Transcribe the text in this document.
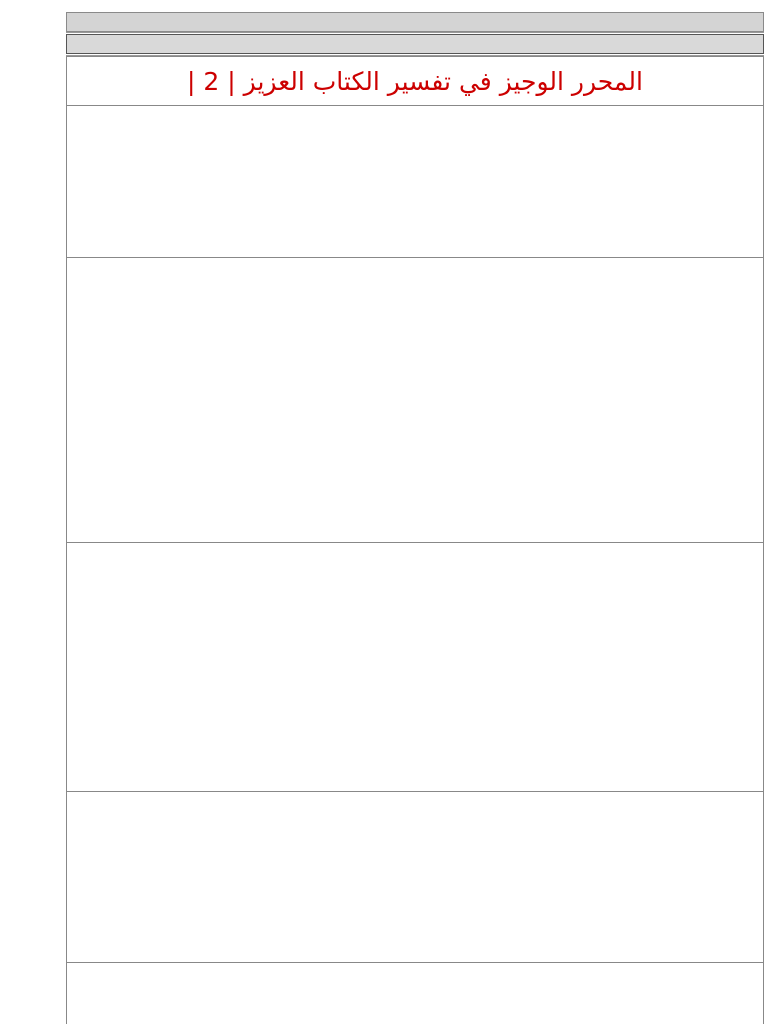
المحرر الوجيز في تفسير الكتاب العزيز | 2 |
